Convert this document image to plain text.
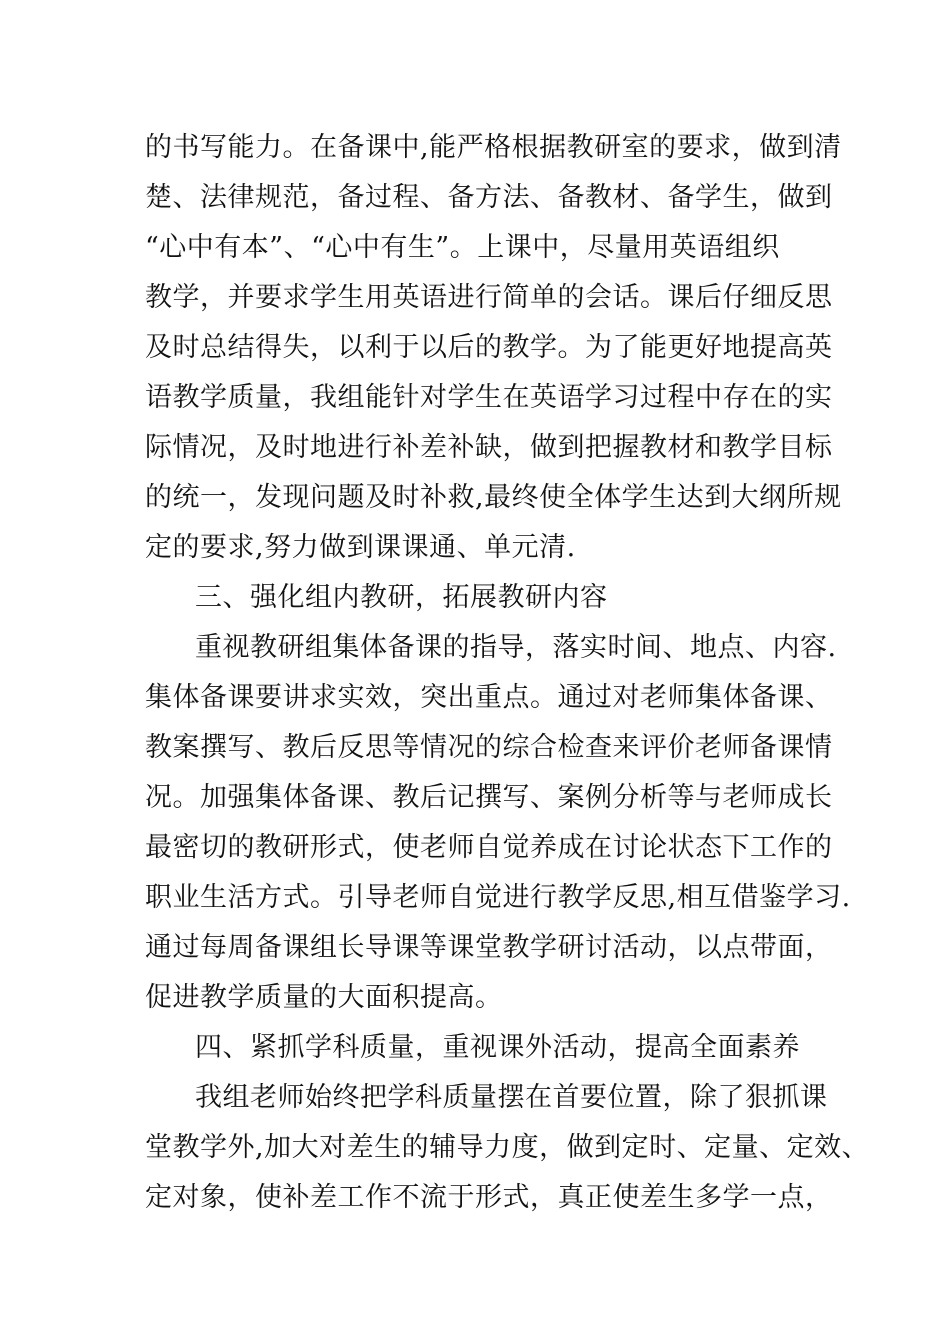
的书写能力。在备课中,能严格根据教研室的要求，做到清
楚、法律规范，备过程、备方法、备教材、备学生，做到
“心中有本”、“心中有生”。上课中，尽量用英语组织
教学，并要求学生用英语进行简单的会话。课后仔细反思
及时总结得失，以利于以后的教学。为了能更好地提高英
语教学质量，我组能针对学生在英语学习过程中存在的实
际情况，及时地进行补差补缺，做到把握教材和教学目标
的统一，发现问题及时补救,最终使全体学生达到大纲所规
定的要求,努力做到课课通、单元清.
三、强化组内教研，拓展教研内容
重视教研组集体备课的指导，落实时间、地点、内容.
集体备课要讲求实效，突出重点。通过对老师集体备课、
教案撰写、教后反思等情况的综合检查来评价老师备课情
况。加强集体备课、教后记撰写、案例分析等与老师成长
最密切的教研形式，使老师自觉养成在讨论状态下工作的
职业生活方式。引导老师自觉进行教学反思,相互借鉴学习.
通过每周备课组长导课等课堂教学研讨活动，以点带面，
促进教学质量的大面积提高。
四、紧抓学科质量，重视课外活动，提高全面素养
我组老师始终把学科质量摆在首要位置，除了狠抓课
堂教学外,加大对差生的辅导力度，做到定时、定量、定效、
定对象，使补差工作不流于形式，真正使差生多学一点，
